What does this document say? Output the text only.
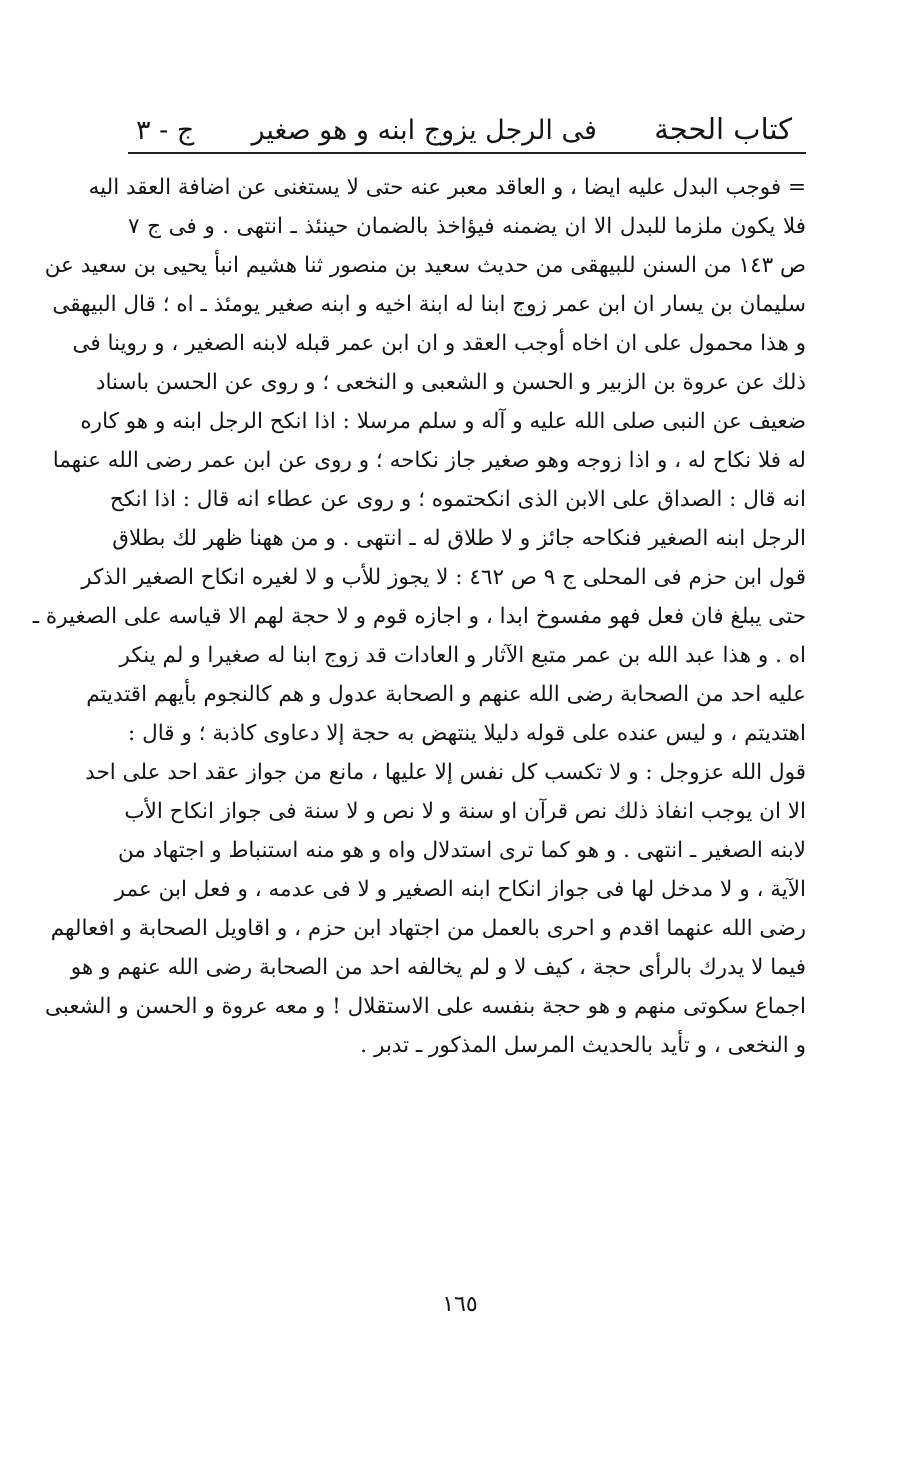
كتاب الحجة
فى الرجل يزوج ابنه و هو صغير
ج - ٣
= فوجب البدل عليه ايضا ، و العاقد معبر عنه حتى لا يستغنى عن اضافة العقد اليه
فلا يكون ملزما للبدل الا ان يضمنه فيؤاخذ بالضمان حينئذ ـ انتهى . و فى ج ٧
ص ١٤٣ من السنن للبيهقى من حديث سعيد بن منصور ثنا هشيم انبأ يحيى بن سعيد عن
سليمان بن يسار ان ابن عمر زوج ابنا له ابنة اخيه و ابنه صغير يومئذ ـ اه ؛ قال البيهقى
و هذا محمول على ان اخاه أوجب العقد و ان ابن عمر قبله لابنه الصغير ، و روينا فى
ذلك عن عروة بن الزبير و الحسن و الشعبى و النخعى ؛ و روى عن الحسن باسناد
ضعيف عن النبى صلى الله عليه و آله و سلم مرسلا : اذا انكح الرجل ابنه و هو كاره
له فلا نكاح له ، و اذا زوجه وهو صغير جاز نكاحه ؛ و روى عن ابن عمر رضى الله عنهما
انه قال : الصداق على الابن الذى انكحتموه ؛ و روى عن عطاء انه قال : اذا انكح
الرجل ابنه الصغير فنكاحه جائز و لا طلاق له ـ انتهى . و من ههنا ظهر لك بطلاق
قول ابن حزم فى المحلى ج ٩ ص ٤٦٢ : لا يجوز للأب و لا لغيره انكاح الصغير الذكر
حتى يبلغ فان فعل فهو مفسوخ ابدا ، و اجازه قوم و لا حجة لهم الا قياسه على الصغيرة ـ
اه . و هذا عبد الله بن عمر متبع الآثار و العادات قد زوج ابنا له صغيرا و لم ينكر
عليه احد من الصحابة رضى الله عنهم و الصحابة عدول و هم كالنجوم بأيهم اقتديتم
اهتديتم ، و ليس عنده على قوله دليلا ينتهض به حجة إلا دعاوى كاذبة ؛ و قال :
قول الله عزوجل : و لا تكسب كل نفس إلا عليها ، مانع من جواز عقد احد على احد
الا ان يوجب انفاذ ذلك نص قرآن او سنة و لا نص و لا سنة فى جواز انكاح الأب
لابنه الصغير ـ انتهى . و هو كما ترى استدلال واه و هو منه استنباط و اجتهاد من
الآية ، و لا مدخل لها فى جواز انكاح ابنه الصغير و لا فى عدمه ، و فعل ابن عمر
رضى الله عنهما اقدم و احرى بالعمل من اجتهاد ابن حزم ، و اقاويل الصحابة و افعالهم
فيما لا يدرك بالرأى حجة ، كيف لا و لم يخالفه احد من الصحابة رضى الله عنهم و هو
اجماع سكوتى منهم و هو حجة بنفسه على الاستقلال ! و معه عروة و الحسن و الشعبى
و النخعى ، و تأيد بالحديث المرسل المذكور ـ تدبر .
١٦٥
